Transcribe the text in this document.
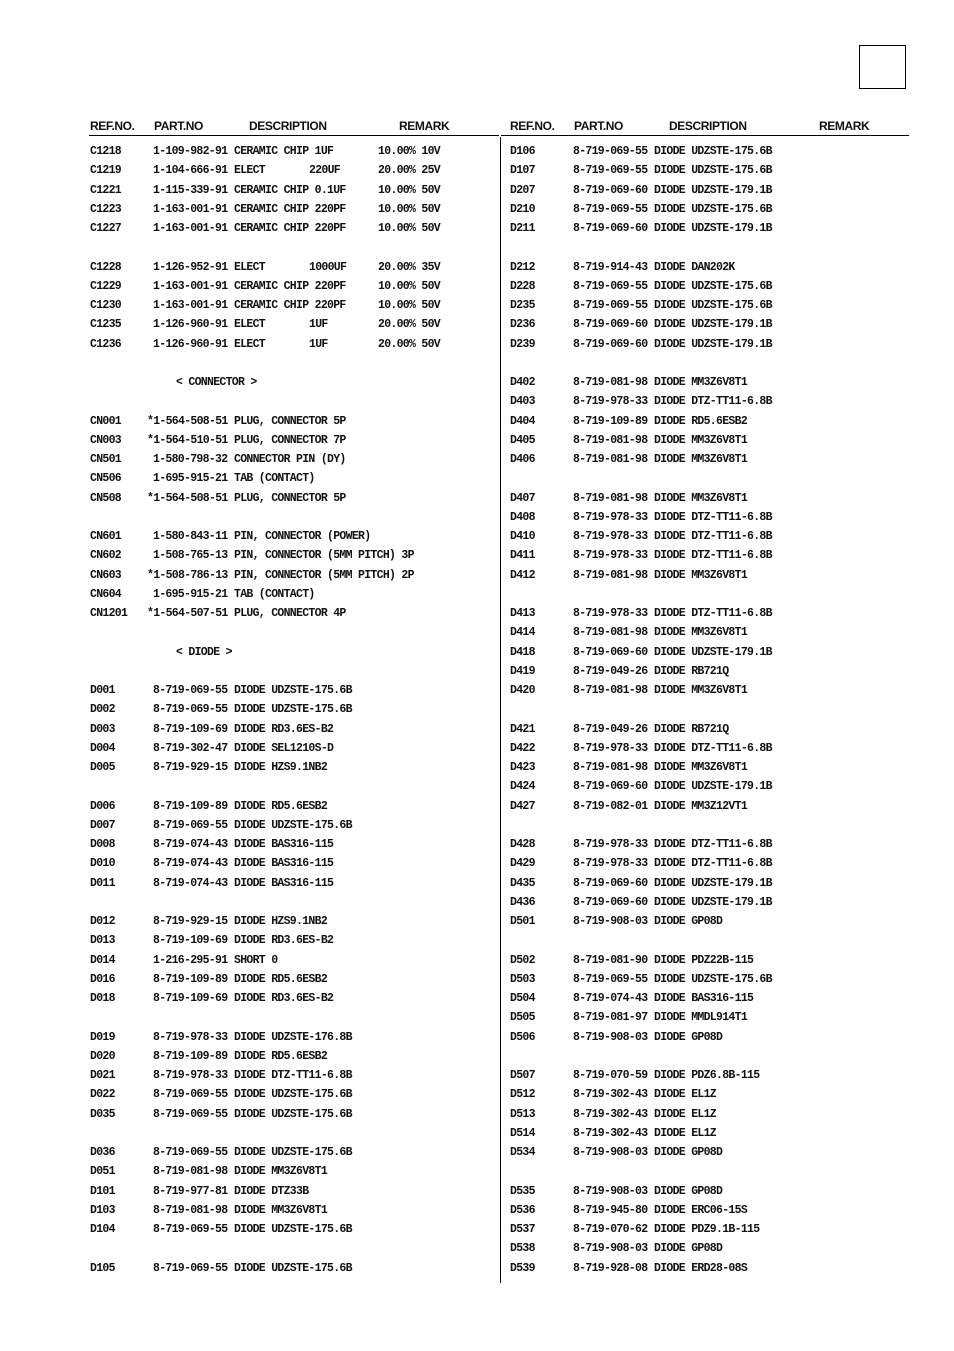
REF.NO. PART.NO	DESCRIPTION	REMARK	REF.NO. PART.NO	DESCRIPTION	REMARK
C1218	1-109-982-91 CERAMIC CHIP 1UF	10.00% 10V
C1219	1-104-666-91 ELECT	220UF	20.00% 25V
C1221	1-115-339-91 CERAMIC CHIP 0.1UF	10.00% 50V
C1223	1-163-001-91 CERAMIC CHIP 220PF	10.00% 50V
C1227	1-163-001-91 CERAMIC CHIP 220PF	10.00% 50V
C1228	1-126-952-91 ELECT	1000UF	20.00% 35V
C1229	1-163-001-91 CERAMIC CHIP 220PF	10.00% 50V
C1230	1-163-001-91 CERAMIC CHIP 220PF	10.00% 50V
C1235	1-126-960-91 ELECT	1UF	20.00% 50V
C1236	1-126-960-91 ELECT	1UF	20.00% 50V
< CONNECTOR >
CN001 *1-564-508-51 PLUG, CONNECTOR 5P
CN003 *1-564-510-51 PLUG, CONNECTOR 7P
CN501	1-580-798-32 CONNECTOR PIN (DY)
CN506	1-695-915-21 TAB (CONTACT)
CN508 *1-564-508-51 PLUG, CONNECTOR 5P
CN601	1-580-843-11 PIN, CONNECTOR (POWER)
CN602	1-508-765-13 PIN, CONNECTOR (5MM PITCH) 3P
CN603 *1-508-786-13 PIN, CONNECTOR (5MM PITCH) 2P
CN604	1-695-915-21 TAB (CONTACT)
CN1201 *1-564-507-51 PLUG, CONNECTOR 4P
< DIODE >
D001	8-719-069-55 DIODE UDZSTE-175.6B
D002	8-719-069-55 DIODE UDZSTE-175.6B
D003	8-719-109-69 DIODE RD3.6ES-B2
D004	8-719-302-47 DIODE SEL1210S-D
D005	8-719-929-15 DIODE HZS9.1NB2
D006	8-719-109-89 DIODE RD5.6ESB2
D007	8-719-069-55 DIODE UDZSTE-175.6B
D008	8-719-074-43 DIODE BAS316-115
D010	8-719-074-43 DIODE BAS316-115
D011	8-719-074-43 DIODE BAS316-115
D012	8-719-929-15 DIODE HZS9.1NB2
D013	8-719-109-69 DIODE RD3.6ES-B2
D014	1-216-295-91 SHORT 0
D016	8-719-109-89 DIODE RD5.6ESB2
D018	8-719-109-69 DIODE RD3.6ES-B2
D019	8-719-978-33 DIODE UDZSTE-176.8B
D020	8-719-109-89 DIODE RD5.6ESB2
D021	8-719-978-33 DIODE DTZ-TT11-6.8B
D022	8-719-069-55 DIODE UDZSTE-175.6B
D035	8-719-069-55 DIODE UDZSTE-175.6B
D036	8-719-069-55 DIODE UDZSTE-175.6B
D051	8-719-081-98 DIODE MM3Z6V8T1
D101	8-719-977-81 DIODE DTZ33B
D103	8-719-081-98 DIODE MM3Z6V8T1
D104	8-719-069-55 DIODE UDZSTE-175.6B
D105	8-719-069-55 DIODE UDZSTE-175.6B
D106	8-719-069-55 DIODE UDZSTE-175.6B
D107	8-719-069-55 DIODE UDZSTE-175.6B
D207	8-719-069-60 DIODE UDZSTE-179.1B
D210	8-719-069-55 DIODE UDZSTE-175.6B
D211	8-719-069-60 DIODE UDZSTE-179.1B
D212	8-719-914-43 DIODE DAN202K
D228	8-719-069-55 DIODE UDZSTE-175.6B
D235	8-719-069-55 DIODE UDZSTE-175.6B
D236	8-719-069-60 DIODE UDZSTE-179.1B
D239	8-719-069-60 DIODE UDZSTE-179.1B
D402	8-719-081-98 DIODE MM3Z6V8T1
D403	8-719-978-33 DIODE DTZ-TT11-6.8B
D404	8-719-109-89 DIODE RD5.6ESB2
D405	8-719-081-98 DIODE MM3Z6V8T1
D406	8-719-081-98 DIODE MM3Z6V8T1
D407	8-719-081-98 DIODE MM3Z6V8T1
D408	8-719-978-33 DIODE DTZ-TT11-6.8B
D410	8-719-978-33 DIODE DTZ-TT11-6.8B
D411	8-719-978-33 DIODE DTZ-TT11-6.8B
D412	8-719-081-98 DIODE MM3Z6V8T1
D413	8-719-978-33 DIODE DTZ-TT11-6.8B
D414	8-719-081-98 DIODE MM3Z6V8T1
D418	8-719-069-60 DIODE UDZSTE-179.1B
D419	8-719-049-26 DIODE RB721Q
D420	8-719-081-98 DIODE MM3Z6V8T1
D421	8-719-049-26 DIODE RB721Q
D422	8-719-978-33 DIODE DTZ-TT11-6.8B
D423	8-719-081-98 DIODE MM3Z6V8T1
D424	8-719-069-60 DIODE UDZSTE-179.1B
D427	8-719-082-01 DIODE MM3Z12VT1
D428	8-719-978-33 DIODE DTZ-TT11-6.8B
D429	8-719-978-33 DIODE DTZ-TT11-6.8B
D435	8-719-069-60 DIODE UDZSTE-179.1B
D436	8-719-069-60 DIODE UDZSTE-179.1B
D501	8-719-908-03 DIODE GP08D
D502	8-719-081-90 DIODE PDZ22B-115
D503	8-719-069-55 DIODE UDZSTE-175.6B
D504	8-719-074-43 DIODE BAS316-115
D505	8-719-081-97 DIODE MMDL914T1
D506	8-719-908-03 DIODE GP08D
D507	8-719-070-59 DIODE PDZ6.8B-115
D512	8-719-302-43 DIODE EL1Z
D513	8-719-302-43 DIODE EL1Z
D514	8-719-302-43 DIODE EL1Z
D534	8-719-908-03 DIODE GP08D
D535	8-719-908-03 DIODE GP08D
D536	8-719-945-80 DIODE ERC06-15S
D537	8-719-070-62 DIODE PDZ9.1B-115
D538	8-719-908-03 DIODE GP08D
D539	8-719-928-08 DIODE ERD28-08S
